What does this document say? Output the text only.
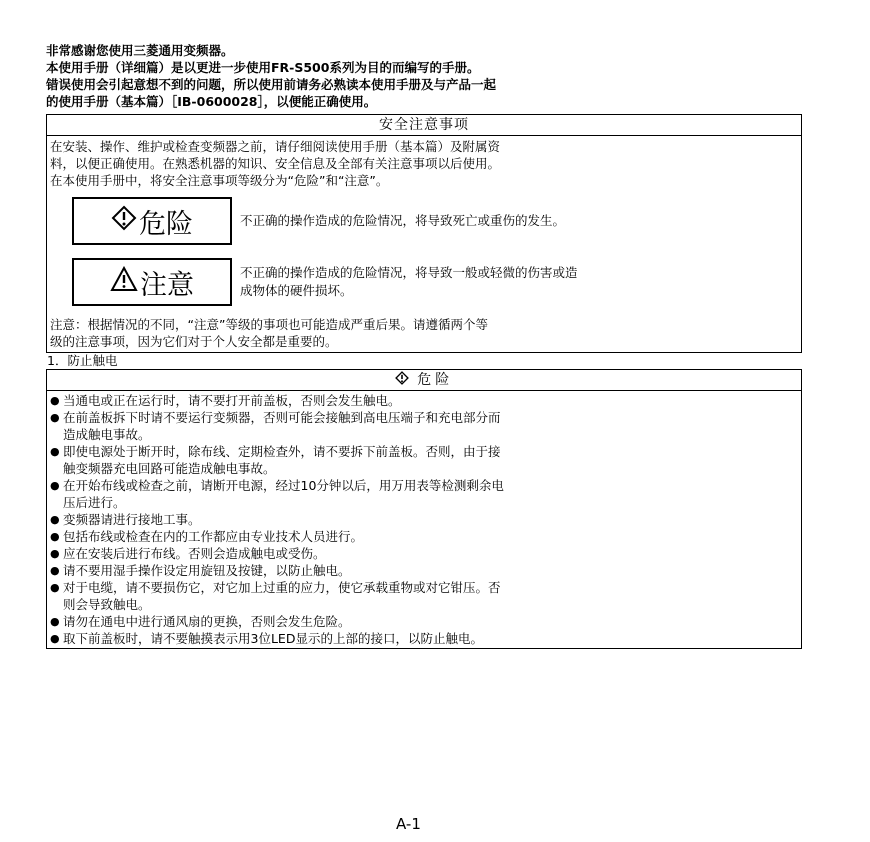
非常感谢您使用三菱通用变频器。

本使用手册（详细篇）是以更进一步使用FR-S500系列为目的而编写的手册。

错误使用会引起意想不到的问题，所以使用前请务必熟读本使用手册及与产品一起

的使用手册（基本篇）［IB-0600028］，以便能正确使用。

安全注意事项

在安装、操作、维护或检查变频器之前，请仔细阅读使用手册（基本篇）及附属资

料，以便正确使用。在熟悉机器的知识、安全信息及全部有关注意事项以后使用。

在本使用手册中，将安全注意事项等级分为“危险”和“注意”。

危险	不正确的操作造成的危险情况，将导致死亡或重伤的发生。
注意	不正确的操作造成的危险情况，将导致一般或轻微的伤害或造
成物体的硬件损坏。

注意：根据情况的不同，“注意”等级的事项也可能造成严重后果。请遵循两个等

级的注意事项，因为它们对于个人安全都是重要的。

1．防止触电

危险
● 当通电或正在运行时，请不要打开前盖板，否则会发生触电。
● 在前盖板拆下时请不要运行变频器，否则可能会接触到高电压端子和充电部分而
造成触电事故。
● 即使电源处于断开时，除布线、定期检查外，请不要拆下前盖板。否则，由于接
触变频器充电回路可能造成触电事故。
● 在开始布线或检查之前，请断开电源，经过10分钟以后，用万用表等检测剩余电
压后进行。
● 变频器请进行接地工事。
● 包括布线或检查在内的工作都应由专业技术人员进行。
● 应在安装后进行布线。否则会造成触电或受伤。
● 请不要用湿手操作设定用旋钮及按键，以防止触电。
● 对于电缆，请不要损伤它，对它加上过重的应力，使它承载重物或对它钳压。否
则会导致触电。
● 请勿在通电中进行通风扇的更换，否则会发生危险。
● 取下前盖板时，请不要触摸表示用3位LED显示的上部的接口，以防止触电。
A-1
